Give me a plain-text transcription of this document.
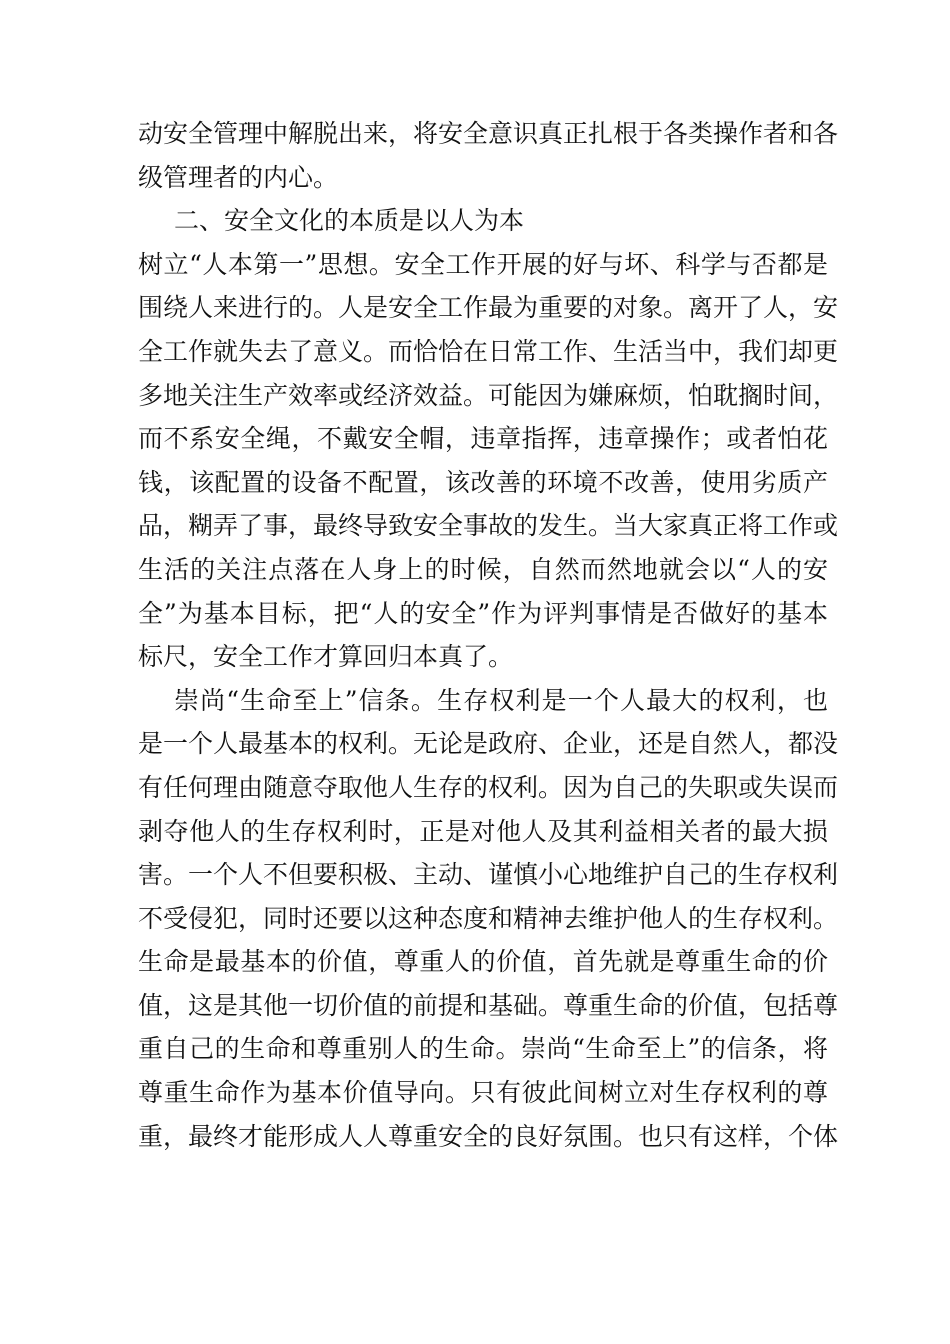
动安全管理中解脱出来，将安全意识真正扎根于各类操作者和各
级管理者的内心。
二、安全文化的本质是以人为本
树立“人本第一”思想。安全工作开展的好与坏、科学与否都是
围绕人来进行的。人是安全工作最为重要的对象。离开了人，安
全工作就失去了意义。而恰恰在日常工作、生活当中，我们却更
多地关注生产效率或经济效益。可能因为嫌麻烦，怕耽搁时间，
而不系安全绳，不戴安全帽，违章指挥，违章操作；或者怕花
钱，该配置的设备不配置，该改善的环境不改善，使用劣质产
品，糊弄了事，最终导致安全事故的发生。当大家真正将工作或
生活的关注点落在人身上的时候，自然而然地就会以“人的安
全”为基本目标，把“人的安全”作为评判事情是否做好的基本
标尺，安全工作才算回归本真了。
崇尚“生命至上”信条。生存权利是一个人最大的权利，也
是一个人最基本的权利。无论是政府、企业，还是自然人，都没
有任何理由随意夺取他人生存的权利。因为自己的失职或失误而
剥夺他人的生存权利时，正是对他人及其利益相关者的最大损
害。一个人不但要积极、主动、谨慎小心地维护自己的生存权利
不受侵犯，同时还要以这种态度和精神去维护他人的生存权利。
生命是最基本的价值，尊重人的价值，首先就是尊重生命的价
值，这是其他一切价值的前提和基础。尊重生命的价值，包括尊
重自己的生命和尊重别人的生命。崇尚“生命至上”的信条，将
尊重生命作为基本价值导向。只有彼此间树立对生存权利的尊
重，最终才能形成人人尊重安全的良好氛围。也只有这样，个体
